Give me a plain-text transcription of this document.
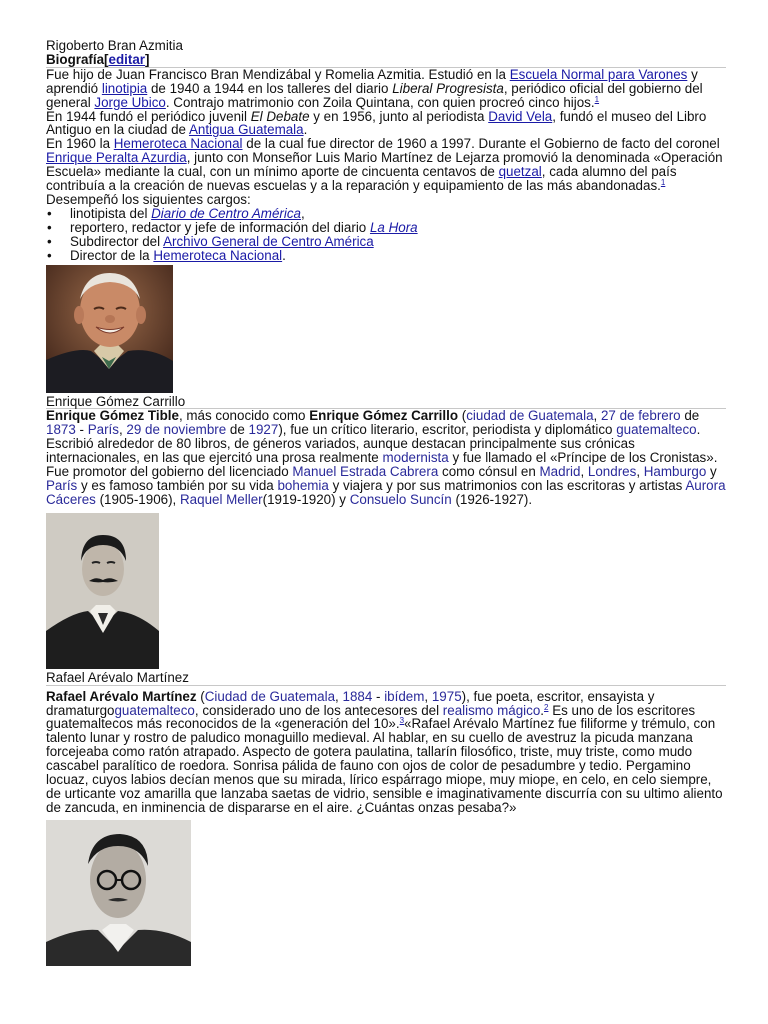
Rigoberto Bran Azmitia

Biografía[editar]

Fue hijo de Juan Francisco Bran Mendizábal y Romelia Azmitia. Estudió en la Escuela Normal para Varones y aprendió linotipia de 1940 a 1944 en los talleres del diario Liberal Progresista, periódico oficial del gobierno del general Jorge Ubico. Contrajo matrimonio con Zoila Quintana, con quien procreó cinco hijos.$^1$

En 1944 fundó el periódico juvenil El Debate y en 1956, junto al periodista David Vela, fundó el museo del Libro Antiguo en la ciudad de Antigua Guatemala.

En 1960 la Hemeroteca Nacional de la cual fue director de 1960 a 1997. Durante el Gobierno de facto del coronel Enrique Peralta Azurdia, junto con Monseñor Luis Mario Martínez de Lejarza promovió la denominada «Operación Escuela» mediante la cual, con un mínimo aporte de cincuenta centavos de quetzal, cada alumno del país contribuía a la creación de nuevas escuelas y a la reparación y equipamiento de las más abandonadas.$^1$

Desempeñó los siguientes cargos:

• linotipista del Diario de Centro América,
• reportero, redactor y jefe de información del diario La Hora
• Subdirector del Archivo General de Centro América
• Director de la Hemeroteca Nacional.

Enrique Gómez Carrillo

Enrique Gómez Tible, más conocido como Enrique Gómez Carrillo (ciudad de Guatemala, 27 de febrero de 1873 - París, 29 de noviembre de 1927), fue un crítico literario, escritor, periodista y diplomático guatemalteco. Escribió alrededor de 80 libros, de géneros variados, aunque destacan principalmente sus crónicas internacionales, en las que ejercitó una prosa realmente modernista y fue llamado el «Príncipe de los Cronistas». Fue promotor del gobierno del licenciado Manuel Estrada Cabrera como cónsul en Madrid, Londres, Hamburgo y París y es famoso también por su vida bohemia y viajera y por sus matrimonios con las escritoras y artistas Aurora Cáceres (1905-1906), Raquel Meller(1919-1920) y Consuelo Suncín (1926-1927).

Rafael Arévalo Martínez

Rafael Arévalo Martínez (Ciudad de Guatemala, 1884 - ibídem, 1975), fue poeta, escritor, ensayista y dramaturgoguatemalteco, considerado uno de los antecesores del realismo mágico.$^2$ Es uno de los escritores guatemaltecos más reconocidos de la «generación del 10».$^3$«Rafael Arévalo Martínez fue filiforme y trémulo, con talento lunar y rostro de paludico monaguillo medieval. Al hablar, en su cuello de avestruz la picuda manzana forcejeaba como ratón atrapado. Aspecto de gotera paulatina, tallarín filosófico, triste, muy triste, como mudo cascabel paralítico de roedora. Sonrisa pálida de fauno con ojos de color de pesadumbre y tedio. Pergamino locuaz, cuyos labios decían menos que su mirada, lírico espárrago miope, muy miope, en celo, en celo siempre, de urticante voz amarilla que lanzaba saetas de vidrio, sensible e imaginativamente discurría con su ultimo aliento de zancuda, en inminencia de dispararse en el aire. ¿Cuántas onzas pesaba?»
